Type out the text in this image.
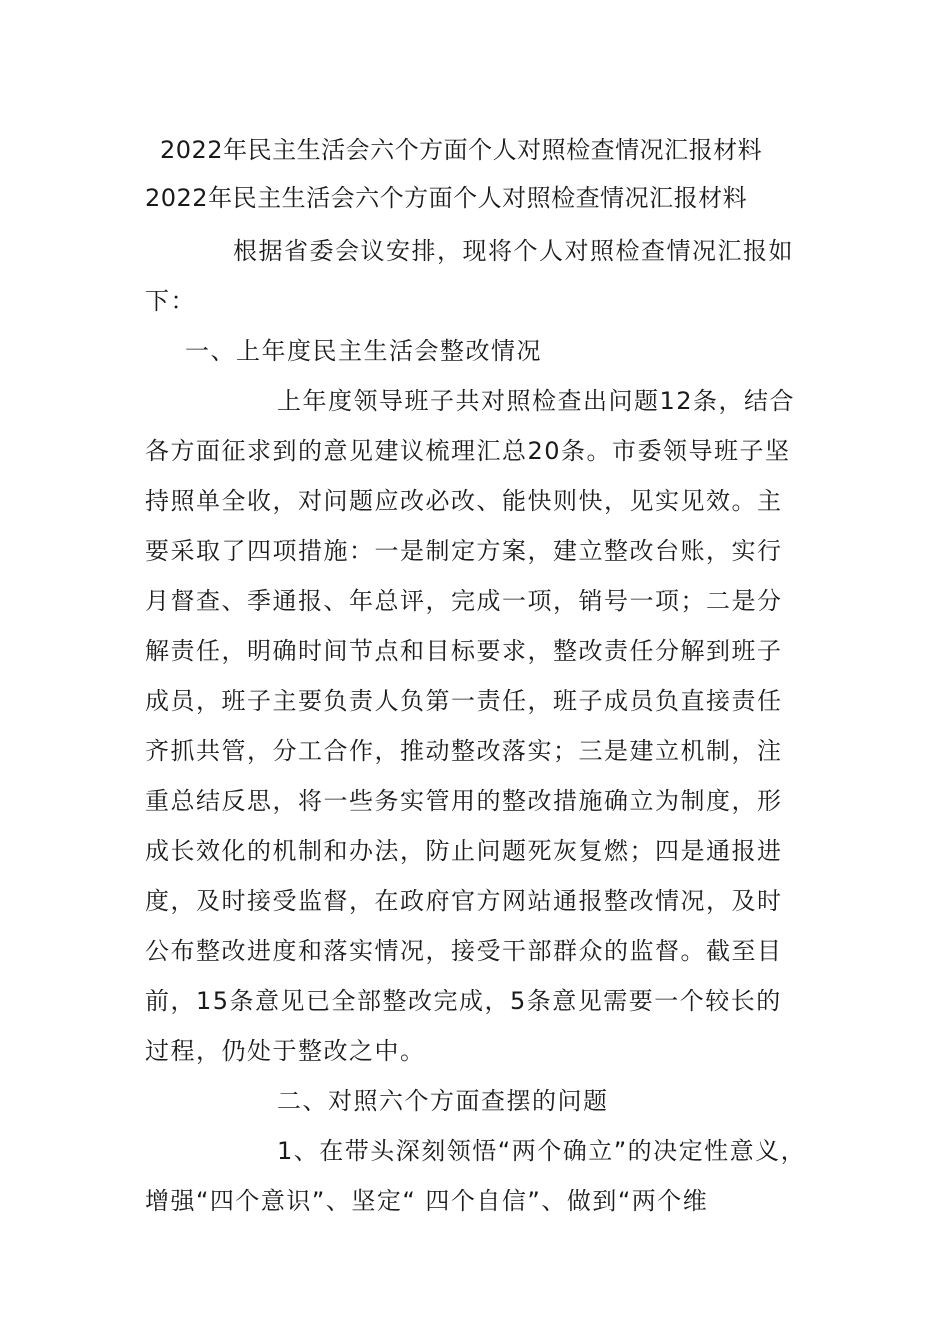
2022年民主生活会六个方面个人对照检查情况汇报材料
2022年民主生活会六个方面个人对照检查情况汇报材料
根据省委会议安排，现将个人对照检查情况汇报如
下：
一、上年度民主生活会整改情况
上年度领导班子共对照检查出问题12条，结合
各方面征求到的意见建议梳理汇总20条。市委领导班子坚
持照单全收，对问题应改必改、能快则快，见实见效。主
要采取了四项措施：一是制定方案，建立整改台账，实行
月督查、季通报、年总评，完成一项，销号一项；二是分
解责任，明确时间节点和目标要求，整改责任分解到班子
成员，班子主要负责人负第一责任，班子成员负直接责任
齐抓共管，分工合作，推动整改落实；三是建立机制，注
重总结反思，将一些务实管用的整改措施确立为制度，形
成长效化的机制和办法，防止问题死灰复燃；四是通报进
度，及时接受监督，在政府官方网站通报整改情况，及时
公布整改进度和落实情况，接受干部群众的监督。截至目
前，15条意见已全部整改完成，5条意见需要一个较长的
过程，仍处于整改之中。
二、对照六个方面查摆的问题
1、在带头深刻领悟“两个确立”的决定性意义，
增强“四个意识”、坚定“ 四个自信”、做到“两个维
